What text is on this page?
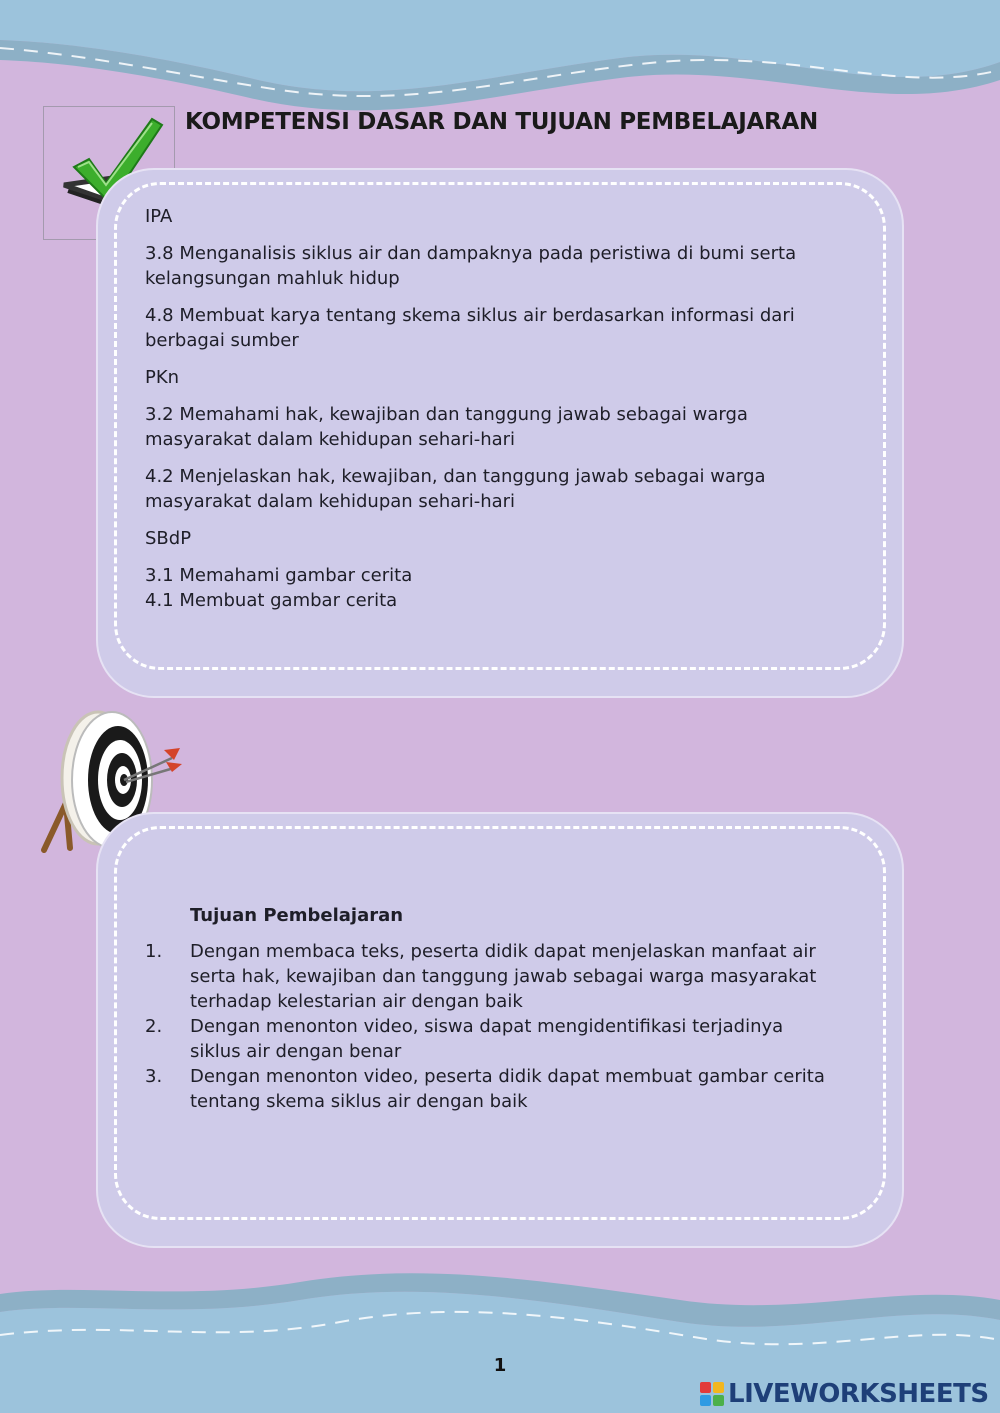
KOMPETENSI DASAR DAN TUJUAN PEMBELAJARAN

IPA

3.8 Menganalisis siklus air dan dampaknya pada peristiwa di bumi serta
kelangsungan mahluk hidup

4.8 Membuat karya tentang skema siklus air berdasarkan informasi dari
berbagai sumber

PKn

3.2 Memahami hak, kewajiban dan tanggung jawab sebagai warga
masyarakat dalam kehidupan sehari-hari

4.2 Menjelaskan hak, kewajiban, dan tanggung jawab sebagai warga
masyarakat dalam kehidupan sehari-hari

SBdP

3.1 Memahami gambar cerita

4.1 Membuat gambar cerita

Tujuan Pembelajaran
1.	Dengan membaca teks, peserta didik dapat menjelaskan manfaat air
serta hak, kewajiban dan tanggung jawab sebagai warga masyarakat
terhadap kelestarian air dengan baik
2.	Dengan menonton video, siswa dapat mengidentifikasi terjadinya
siklus air dengan benar
3.	Dengan menonton video, peserta didik dapat membuat gambar cerita
tentang skema siklus air dengan baik
1
LIVEWORKSHEETS
